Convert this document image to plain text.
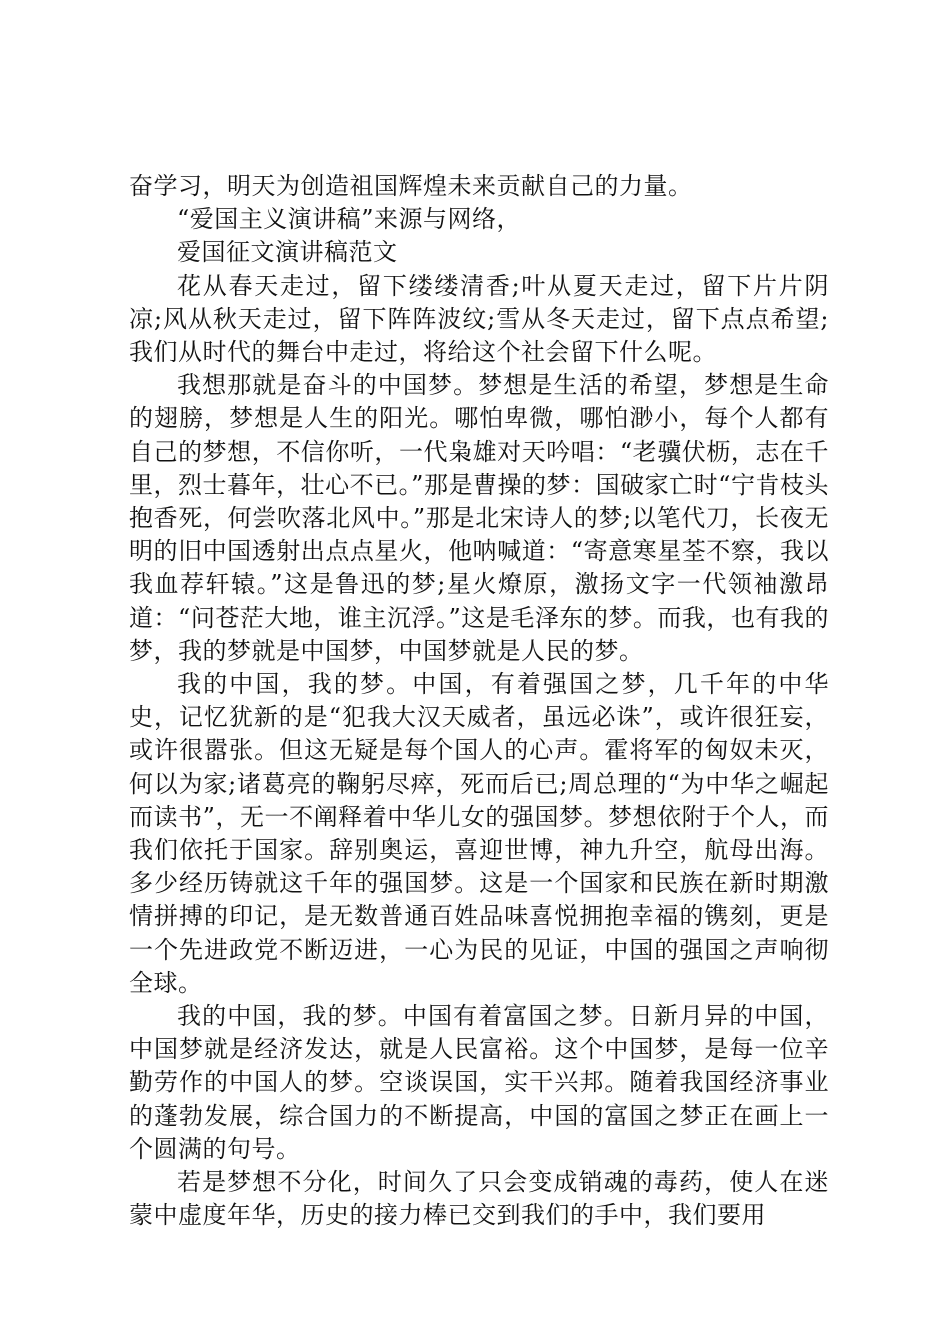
奋学习，明天为创造祖国辉煌未来贡献自己的力量。

“爱国主义演讲稿”来源与网络，

爱国征文演讲稿范文

花从春天走过，留下缕缕清香;叶从夏天走过，留下片片阴凉;风从秋天走过，留下阵阵波纹;雪从冬天走过，留下点点希望;我们从时代的舞台中走过，将给这个社会留下什么呢。

我想那就是奋斗的中国梦。梦想是生活的希望，梦想是生命的翅膀，梦想是人生的阳光。哪怕卑微，哪怕渺小，每个人都有自己的梦想，不信你听，一代枭雄对天吟唱：“老骥伏枥，志在千里，烈士暮年，壮心不已。”那是曹操的梦：国破家亡时“宁肯枝头抱香死，何尝吹落北风中。”那是北宋诗人的梦;以笔代刀，长夜无明的旧中国透射出点点星火，他呐喊道：“寄意寒星荃不察，我以我血荐轩辕。”这是鲁迅的梦;星火燎原，激扬文字一代领袖激昂道：“问苍茫大地，谁主沉浮。”这是毛泽东的梦。而我，也有我的梦，我的梦就是中国梦，中国梦就是人民的梦。

我的中国，我的梦。中国，有着强国之梦，几千年的中华史，记忆犹新的是“犯我大汉天威者，虽远必诛”，或许很狂妄，或许很嚣张。但这无疑是每个国人的心声。霍将军的匈奴未灭，何以为家;诸葛亮的鞠躬尽瘁，死而后已;周总理的“为中华之崛起而读书”，无一不阐释着中华儿女的强国梦。梦想依附于个人，而我们依托于国家。辞别奥运，喜迎世博，神九升空，航母出海。多少经历铸就这千年的强国梦。这是一个国家和民族在新时期激情拼搏的印记，是无数普通百姓品味喜悦拥抱幸福的镌刻，更是一个先进政党不断迈进，一心为民的见证，中国的强国之声响彻全球。

我的中国，我的梦。中国有着富国之梦。日新月异的中国，中国梦就是经济发达，就是人民富裕。这个中国梦，是每一位辛勤劳作的中国人的梦。空谈误国，实干兴邦。随着我国经济事业的蓬勃发展，综合国力的不断提高，中国的富国之梦正在画上一个圆满的句号。

若是梦想不分化，时间久了只会变成销魂的毒药，使人在迷蒙中虚度年华，历史的接力棒已交到我们的手中，我们要用
